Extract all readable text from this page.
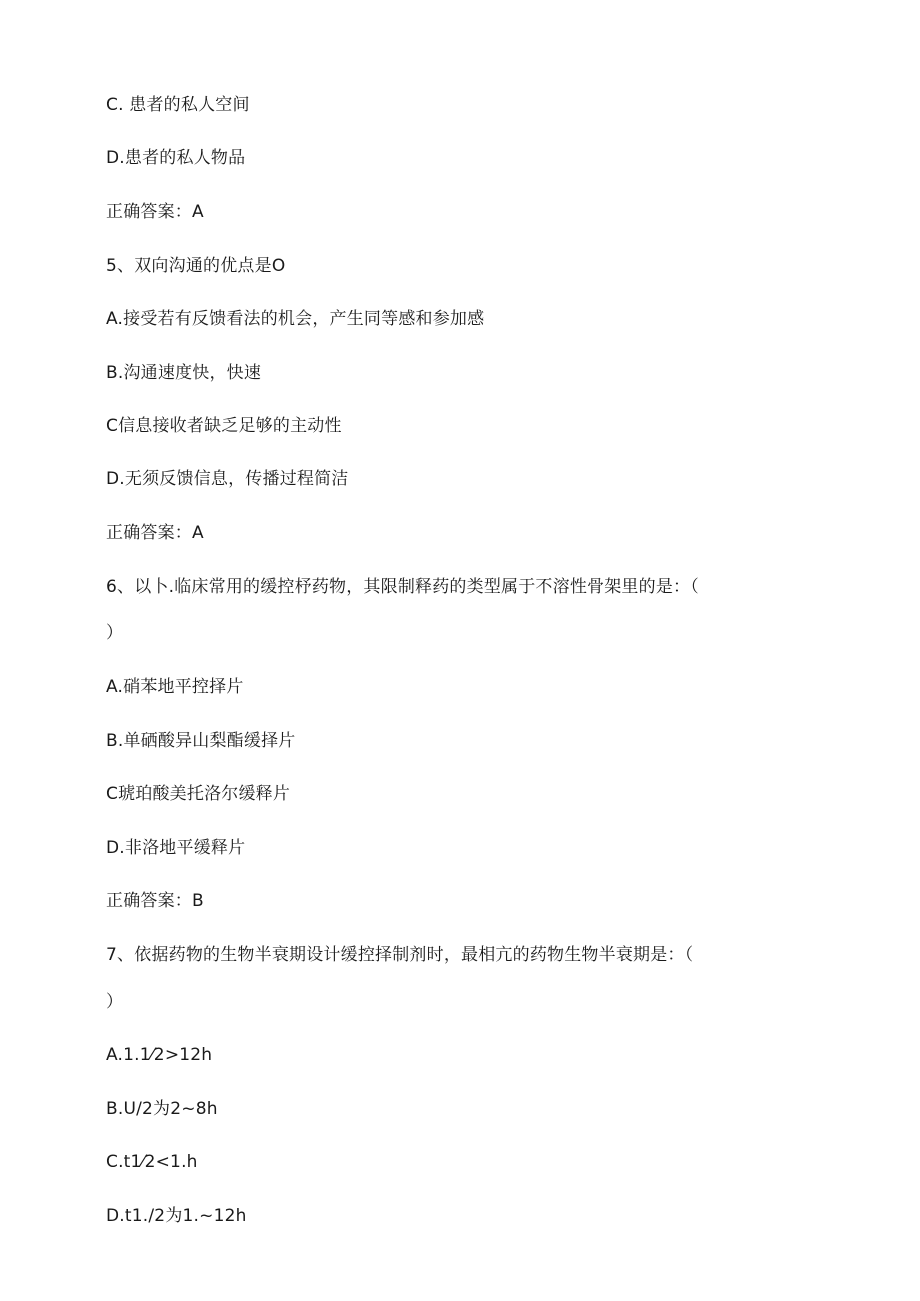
C. 患者的私人空间
D.患者的私人物品
正确答案：A
5、双向沟通的优点是O
A.接受若有反馈看法的机会，产生同等感和参加感
B.沟通速度快，快速
C信息接收者缺乏足够的主动性
D.无须反馈信息，传播过程简洁
正确答案：A
6、以卜.临床常用的缓控杼药物，其限制释药的类型属于不溶性骨架里的是：（
）
A.硝苯地平控择片
B.单硒酸异山梨酯缓择片
C琥珀酸美托洛尔缓释片
D.非洛地平缓释片
正确答案：B
7、依据药物的生物半衰期设计缓控择制剂时，最相亢的药物生物半衰期是：（
）
A.1.1⁄2>12h
B.U/2为2~8h
C.t1⁄2<1.h
D.t1./2为1.~12h
